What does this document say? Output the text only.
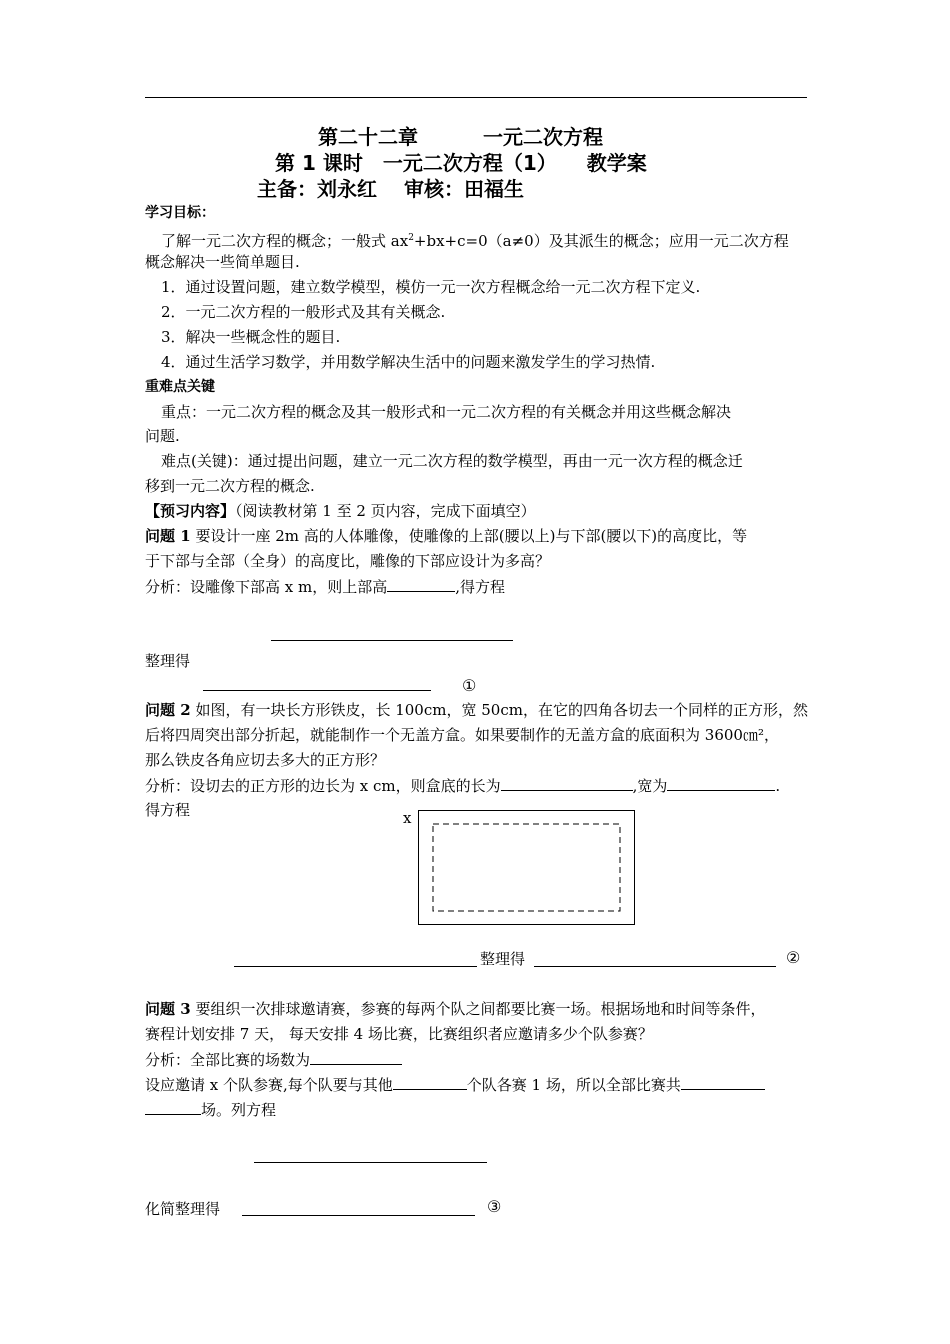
第二十二章	一元二次方程
第 1 课时　一元二次方程（1）　　教学案
主备：刘永红　 审核：田福生
学习目标：
了解一元二次方程的概念；一般式 $ax^2+bx+c=0(a\ne 0)$及其派生的概念；应用一元二次方程
概念解决一些简单题目.
1．通过设置问题，建立数学模型，模仿一元一次方程概念给一元二次方程下定义.
2．一元二次方程的一般形式及其有关概念.
3．解决一些概念性的题目.
4．通过生活学习数学，并用数学解决生活中的问题来激发学生的学习热情.
重难点关键
重点：一元二次方程的概念及其一般形式和一元二次方程的有关概念并用这些概念解决
问题.
难点(关键)：通过提出问题，建立一元二次方程的数学模型，再由一元一次方程的概念迁
移到一元二次方程的概念.
【预习内容】（阅读教材第 1 至 2 页内容，完成下面填空）
问题 1 要设计一座 2m 高的人体雕像，使雕像的上部(腰以上)与下部(腰以下)的高度比，等
于下部与全部（全身）的高度比，雕像的下部应设计为多高？
分析：设雕像下部高 x m，则上部高	,得方程
整理得
①
问题 2 如图，有一块长方形铁皮，长 100cm，宽 50cm，在它的四角各切去一个同样的正方形，然
后将四周突出部分折起，就能制作一个无盖方盒。如果要制作的无盖方盒的底面积为 3600㎝²，
那么铁皮各角应切去多大的正方形？
分析：设切去的正方形的边长为 x cm，则盒底的长为	,宽为	.
得方程	x
整理得	②
问题 3 要组织一次排球邀请赛，参赛的每两个队之间都要比赛一场。根据场地和时间等条件，
赛程计划安排 7 天， 每天安排 4 场比赛，比赛组织者应邀请多少个队参赛？
分析：全部比赛的场数为
设应邀请 x 个队参赛,每个队要与其他	个队各赛 1 场，所以全部比赛共
场。列方程
化简整理得	③
